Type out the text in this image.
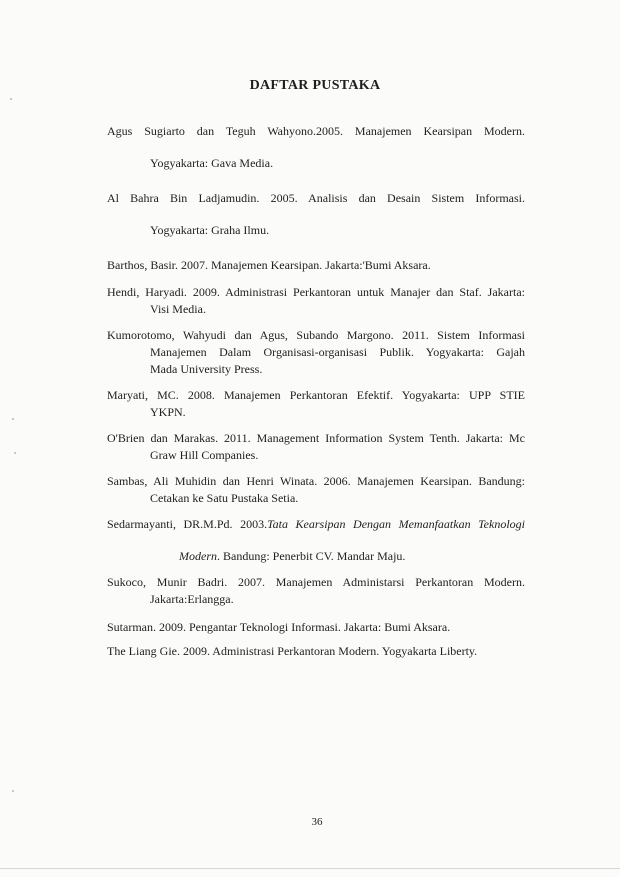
DAFTAR PUSTAKA
Agus Sugiarto dan Teguh Wahyono.2005. Manajemen Kearsipan Modern.
Yogyakarta: Gava Media.
Al Bahra Bin Ladjamudin. 2005. Analisis dan Desain Sistem Informasi.
Yogyakarta: Graha Ilmu.
Barthos, Basir. 2007. Manajemen Kearsipan. Jakarta:'Bumi Aksara.
Hendi, Haryadi. 2009. Administrasi Perkantoran untuk Manajer dan Staf. Jakarta:
Visi Media.
Kumorotomo, Wahyudi dan Agus, Subando Margono. 2011. Sistem Informasi
Manajemen Dalam Organisasi-organisasi Publik. Yogyakarta: Gajah
Mada University Press.
Maryati, MC. 2008. Manajemen Perkantoran Efektif. Yogyakarta: UPP STIE
YKPN.
O'Brien dan Marakas. 2011. Management Information System Tenth. Jakarta: Mc
Graw Hill Companies.
Sambas, Ali Muhidin dan Henri Winata. 2006. Manajemen Kearsipan. Bandung:
Cetakan ke Satu Pustaka Setia.
Sedarmayanti, DR.M.Pd. 2003.Tata Kearsipan Dengan Memanfaatkan Teknologi
Modern. Bandung: Penerbit CV. Mandar Maju.
Sukoco, Munir Badri. 2007. Manajemen Administarsi Perkantoran Modern.
Jakarta:Erlangga.
Sutarman. 2009. Pengantar Teknologi Informasi. Jakarta: Bumi Aksara.
The Liang Gie. 2009. Administrasi Perkantoran Modern. Yogyakarta Liberty.
36
